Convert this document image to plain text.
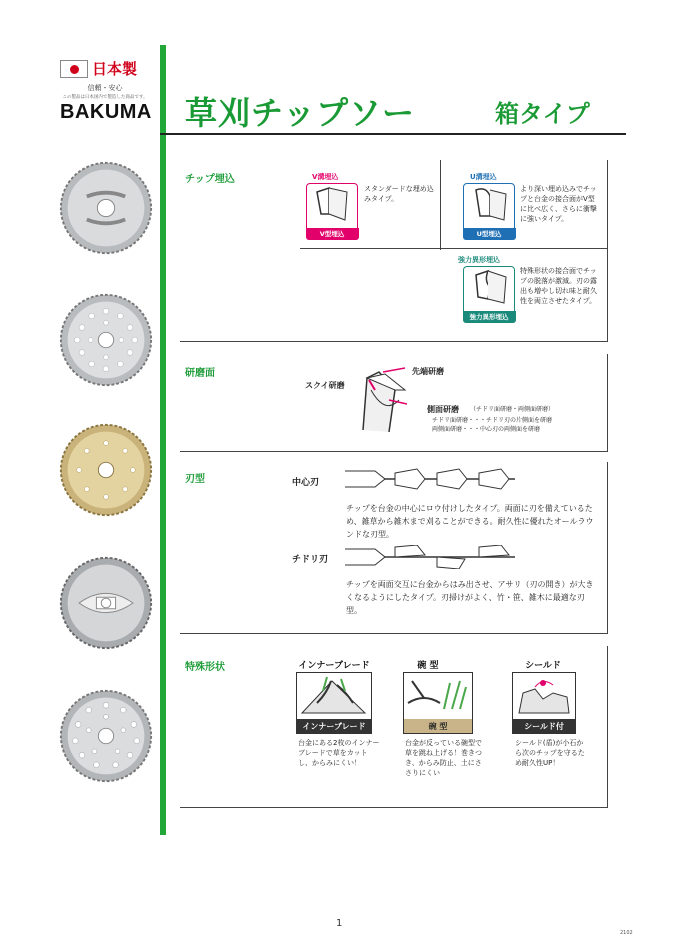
日本製
信頼・安心
この製品は日本国内で製造した商品です。
BAKUMA 草刈チップソー	箱タイプ
チップ埋込	V溝埋込
V型埋込
スタンダードな埋め込みタイプ。
U溝埋込
U型埋込
より深い埋め込みでチップと台金の接合面がV型に比べ広く、さらに衝撃に強いタイプ。
強力異形埋込
強力異形埋込
特殊形状の接合面でチップの脱落が激減。刃の露出も増やし切れ味と耐久性を両立させたタイプ。
研磨面
スクイ研磨
先端研磨
側面研磨 （チドリ面研磨・両側面研磨）
チドリ面研磨・・・チドリ刃の片側面を研磨
両側面研磨・・・中心刃の両側面を研磨
刃型	中心刃
チップを台金の中心にロウ付けしたタイプ。両面に刃を備えているため、雑草から雑木まで刈ることができる。耐久性に優れたオールラウンドな刃型。
チドリ刃
チップを両面交互に台金からはみ出させ、アサリ（刃の開き）が大きくなるようにしたタイプ。刃掃けがよく、竹・笹、雑木に最適な刃型。
特殊形状	インナーブレード
インナーブレード
台金にある2枚のインナーブレードで草をカットし、からみにくい！
碗 型
碗 型
台金が反っている碗型で草を跳ね上げる！巻きつき、からみ防止、土にささりにくい
シールド
シールド付
シールド(盾)が小石から次のチップを守るため耐久性UP！
1
2102
